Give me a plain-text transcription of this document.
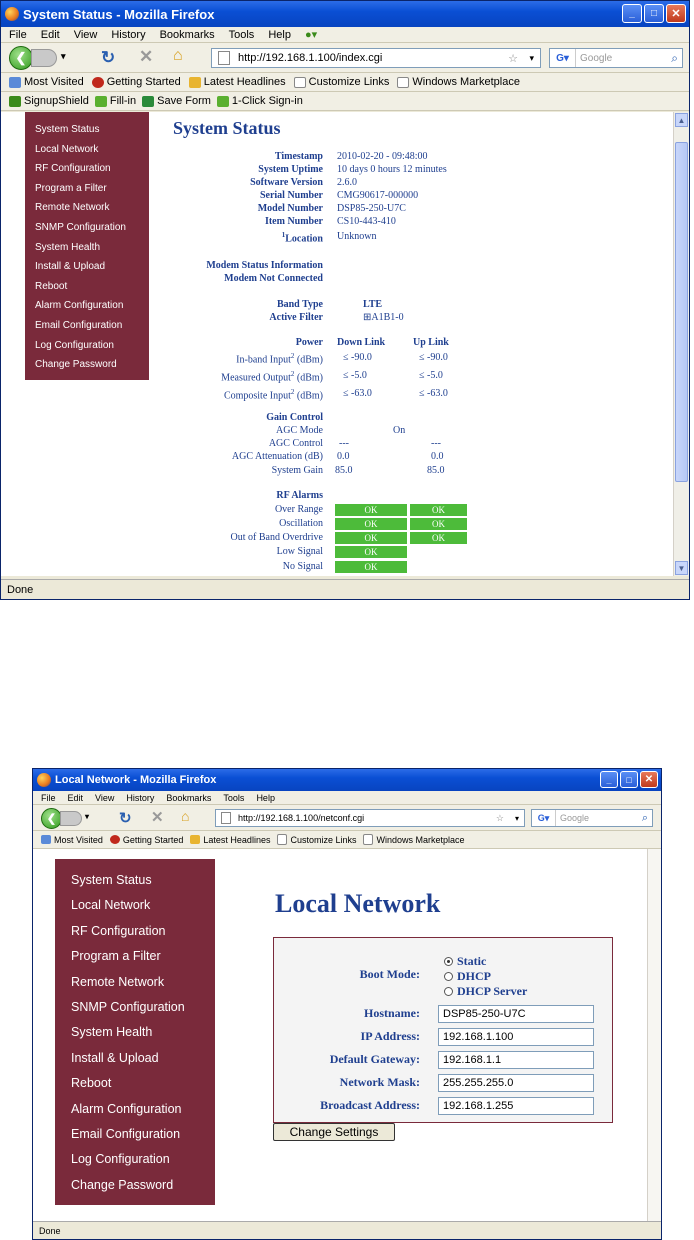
System Status - Mozilla Firefox	_	□	✕
File Edit View History Bookmarks Tools Help ●▾
❮	▾ ↻ ✕ ⌂	http://192.168.1.100/index.cgi	☆ ▾	G▾	Google	⌕
Most Visited Getting Started Latest Headlines Customize Links Windows Marketplace
SignupShield Fill-in Save Form 1-Click Sign-in
System Status
Local Network
RF Configuration
Program a Filter
Remote Network
SNMP Configuration
System Health
Install & Upload
Reboot
Alarm Configuration
Email Configuration
Log Configuration
Change Password
System Status
Timestamp 2010-02-20 - 09:48:00
System Uptime 10 days 0 hours 12 minutes
Software Version 2.6.0
Serial Number CMG90617-000000
Model Number DSP85-250-U7C
Item Number CS10-443-410
$^1$Location Unknown
Modem Status Information
Modem Not Connected
Band Type	LTE
Active Filter	⊞A1B1-0
Power Down Link	Up Link
In-band Input$^2$ (dBm) ≤ -90.0	≤ -90.0
Measured Output$^2$ (dBm) ≤ -5.0	≤ -5.0
Composite Input$^2$ (dBm) ≤ -63.0	≤ -63.0
Gain Control
AGC Mode	On
AGC Control ---	---
AGC Attenuation (dB) 0.0	0.0
System Gain 85.0	85.0
RF Alarms
Over Range	OK	OK
Oscillation	OK	OK
Out of Band Overdrive	OK	OK
Low Signal	OK
No Signal	OK
▲
▼
Done
Local Network - Mozilla Firefox	_	□	✕
File Edit View History Bookmarks Tools Help
❮	▾ ↻ ✕ ⌂	http://192.168.1.100/netconf.cgi	☆ ▾	G▾	Google	⌕
Most Visited Getting Started Latest Headlines Customize Links Windows Marketplace
System Status
Local Network
RF Configuration
Program a Filter
Remote Network
SNMP Configuration
System Health
Install & Upload
Reboot
Alarm Configuration
Email Configuration
Log Configuration
Change Password
Local Network
Boot Mode:
Static
DHCP
DHCP Server
Hostname:	DSP85-250-U7C
IP Address:	192.168.1.100
Default Gateway:	192.168.1.1
Network Mask:	255.255.255.0
Broadcast Address:	192.168.1.255
Change Settings
Done
